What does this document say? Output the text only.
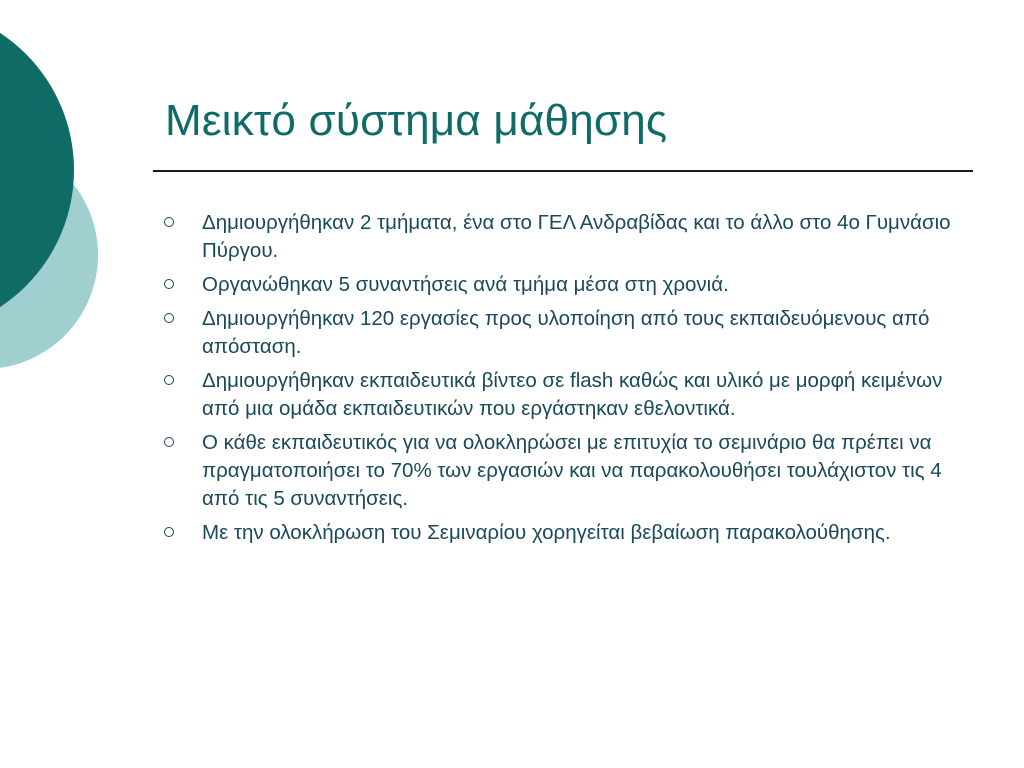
Μεικτό σύστημα μάθησης
Δημιουργήθηκαν 2 τμήματα, ένα στο ΓΕΛ Ανδραβίδας και το άλλο στο 4ο Γυμνάσιο Πύργου.
Οργανώθηκαν 5 συναντήσεις ανά τμήμα μέσα στη χρονιά.
Δημιουργήθηκαν 120 εργασίες προς υλοποίηση από τους εκπαιδευόμενους από απόσταση.
Δημιουργήθηκαν εκπαιδευτικά βίντεο σε flash καθώς και υλικό με μορφή κειμένων από μια ομάδα εκπαιδευτικών που εργάστηκαν εθελοντικά.
Ο κάθε εκπαιδευτικός για να ολοκληρώσει με επιτυχία το σεμινάριο θα πρέπει να πραγματοποιήσει το 70% των εργασιών και να παρακολουθήσει τουλάχιστον τις 4 από τις 5 συναντήσεις.
Με την ολοκλήρωση του Σεμιναρίου χορηγείται βεβαίωση παρακολούθησης.
